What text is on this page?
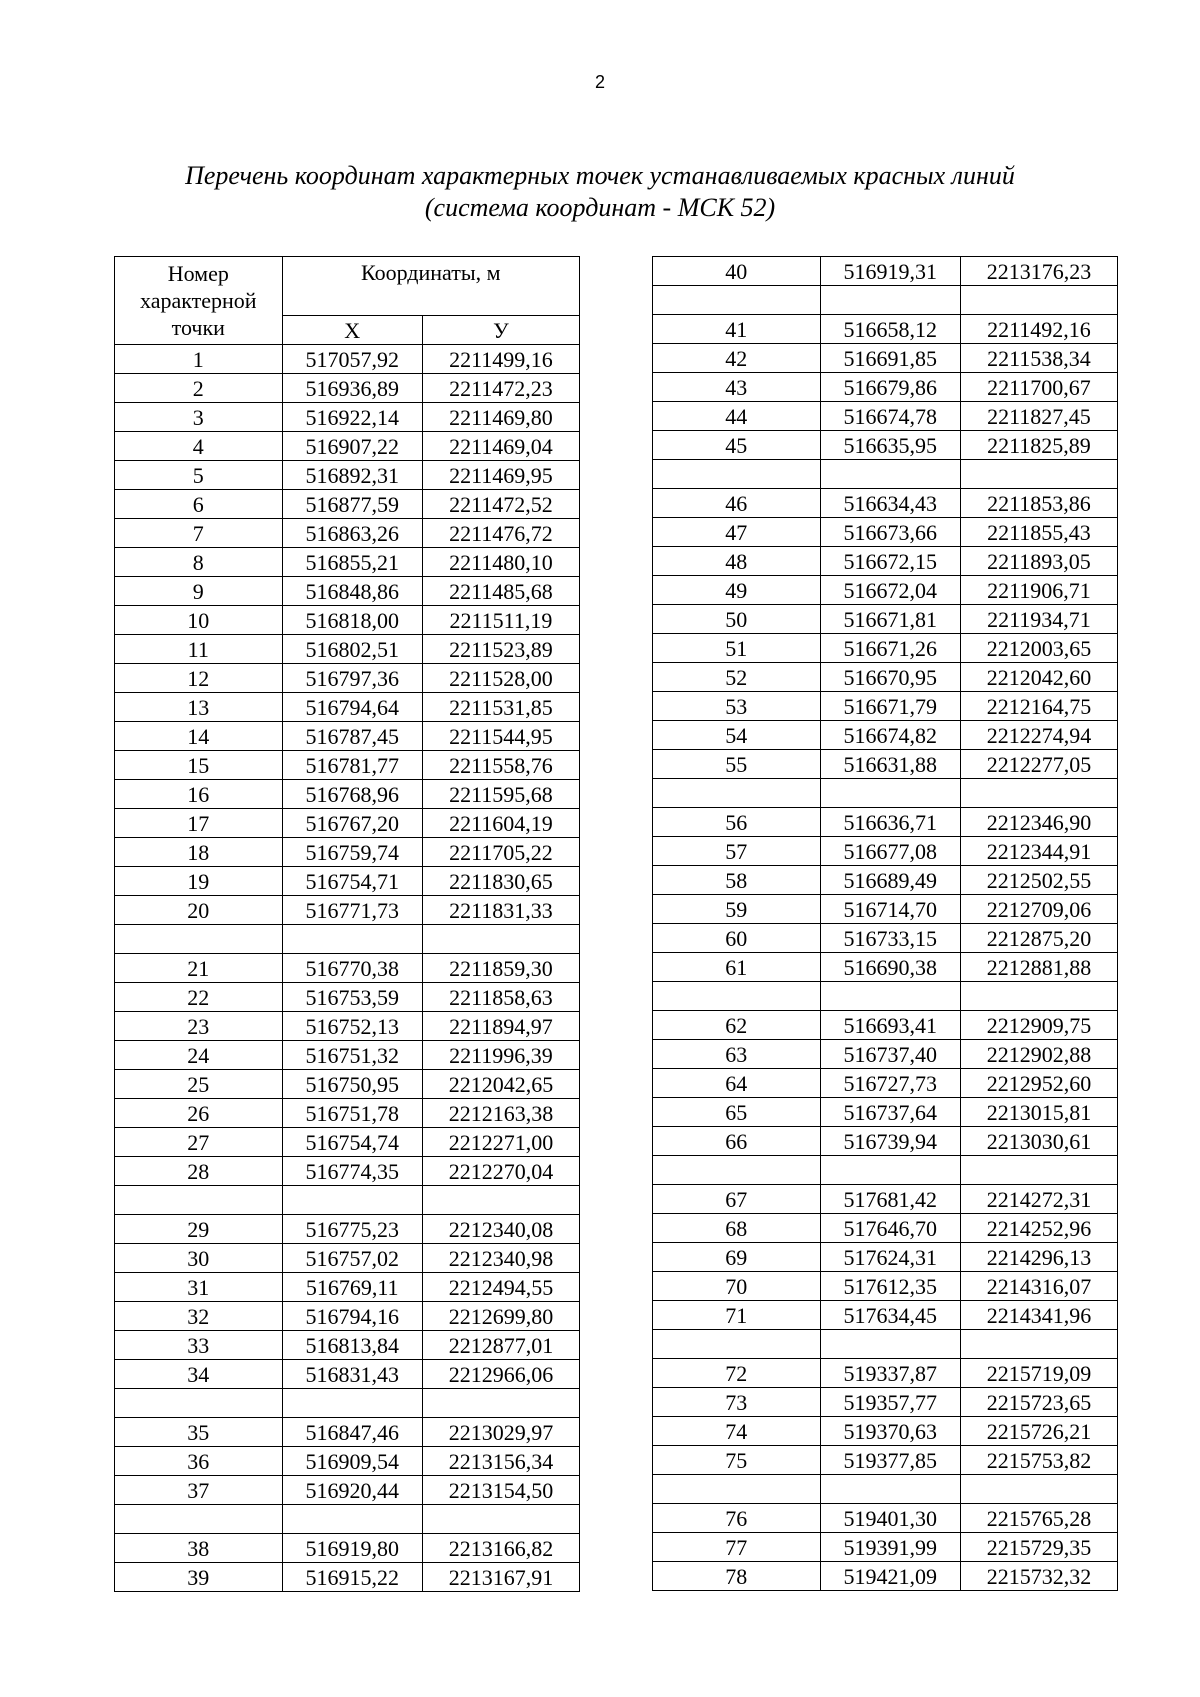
2
Перечень координат характерных точек устанавливаемых красных линий
(система координат - МСК 52)
Номер
характерной
точки	Координаты, м	
	X	У
1	517057,92	2211499,16
2	516936,89	2211472,23
3	516922,14	2211469,80
4	516907,22	2211469,04
5	516892,31	2211469,95
6	516877,59	2211472,52
7	516863,26	2211476,72
8	516855,21	2211480,10
9	516848,86	2211485,68
10	516818,00	2211511,19
11	516802,51	2211523,89
12	516797,36	2211528,00
13	516794,64	2211531,85
14	516787,45	2211544,95
15	516781,77	2211558,76
16	516768,96	2211595,68
17	516767,20	2211604,19
18	516759,74	2211705,22
19	516754,71	2211830,65
20	516771,73	2211831,33

21	516770,38	2211859,30
22	516753,59	2211858,63
23	516752,13	2211894,97
24	516751,32	2211996,39
25	516750,95	2212042,65
26	516751,78	2212163,38
27	516754,74	2212271,00
28	516774,35	2212270,04

29	516775,23	2212340,08
30	516757,02	2212340,98
31	516769,11	2212494,55
32	516794,16	2212699,80
33	516813,84	2212877,01
34	516831,43	2212966,06

35	516847,46	2213029,97
36	516909,54	2213156,34
37	516920,44	2213154,50

38	516919,80	2213166,82
39	516915,22	2213167,91
40	516919,31	2213176,23

41	516658,12	2211492,16
42	516691,85	2211538,34
43	516679,86	2211700,67
44	516674,78	2211827,45
45	516635,95	2211825,89

46	516634,43	2211853,86
47	516673,66	2211855,43
48	516672,15	2211893,05
49	516672,04	2211906,71
50	516671,81	2211934,71
51	516671,26	2212003,65
52	516670,95	2212042,60
53	516671,79	2212164,75
54	516674,82	2212274,94
55	516631,88	2212277,05

56	516636,71	2212346,90
57	516677,08	2212344,91
58	516689,49	2212502,55
59	516714,70	2212709,06
60	516733,15	2212875,20
61	516690,38	2212881,88

62	516693,41	2212909,75
63	516737,40	2212902,88
64	516727,73	2212952,60
65	516737,64	2213015,81
66	516739,94	2213030,61

67	517681,42	2214272,31
68	517646,70	2214252,96
69	517624,31	2214296,13
70	517612,35	2214316,07
71	517634,45	2214341,96

72	519337,87	2215719,09
73	519357,77	2215723,65
74	519370,63	2215726,21
75	519377,85	2215753,82

76	519401,30	2215765,28
77	519391,99	2215729,35
78	519421,09	2215732,32
